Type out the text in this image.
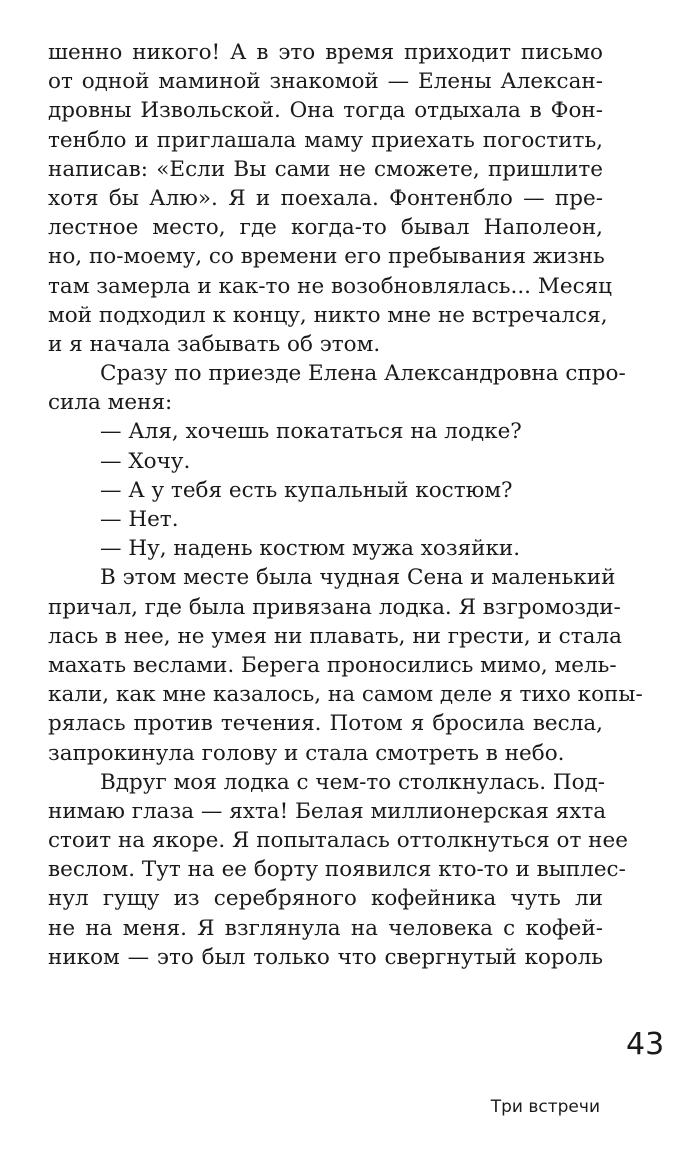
шенно никого! А в это время приходит письмо
от одной маминой знакомой — Елены Алексан-
дровны Извольской. Она тогда отдыхала в Фон-
тенбло и приглашала маму приехать погостить,
написав: «Если Вы сами не сможете, пришлите
хотя бы Алю». Я и поехала. Фонтенбло — пре-
лестное место, где когда-то бывал Наполеон,
но, по-моему, со времени его пребывания жизнь
там замерла и как-то не возобновлялась... Месяц
мой подходил к концу, никто мне не встречался,
и я начала забывать об этом.
Сразу по приезде Елена Александровна спро-
сила меня:
— Аля, хочешь покататься на лодке?
— Хочу.
— А у тебя есть купальный костюм?
— Нет.
— Ну, надень костюм мужа хозяйки.
В этом месте была чудная Сена и маленький
причал, где была привязана лодка. Я взгромозди-
лась в нее, не умея ни плавать, ни грести, и стала
махать веслами. Берега проносились мимо, мель-
кали, как мне казалось, на самом деле я тихо копы-
рялась против течения. Потом я бросила весла,
запрокинула голову и стала смотреть в небо.
Вдруг моя лодка с чем-то столкнулась. Под-
нимаю глаза — яхта! Белая миллионерская яхта
стоит на якоре. Я попыталась оттолкнуться от нее
веслом. Тут на ее борту появился кто-то и выплес-
нул гущу из серебряного кофейника чуть ли
не на меня. Я взглянула на человека с кофей-
ником — это был только что свергнутый король
43
Три встречи
